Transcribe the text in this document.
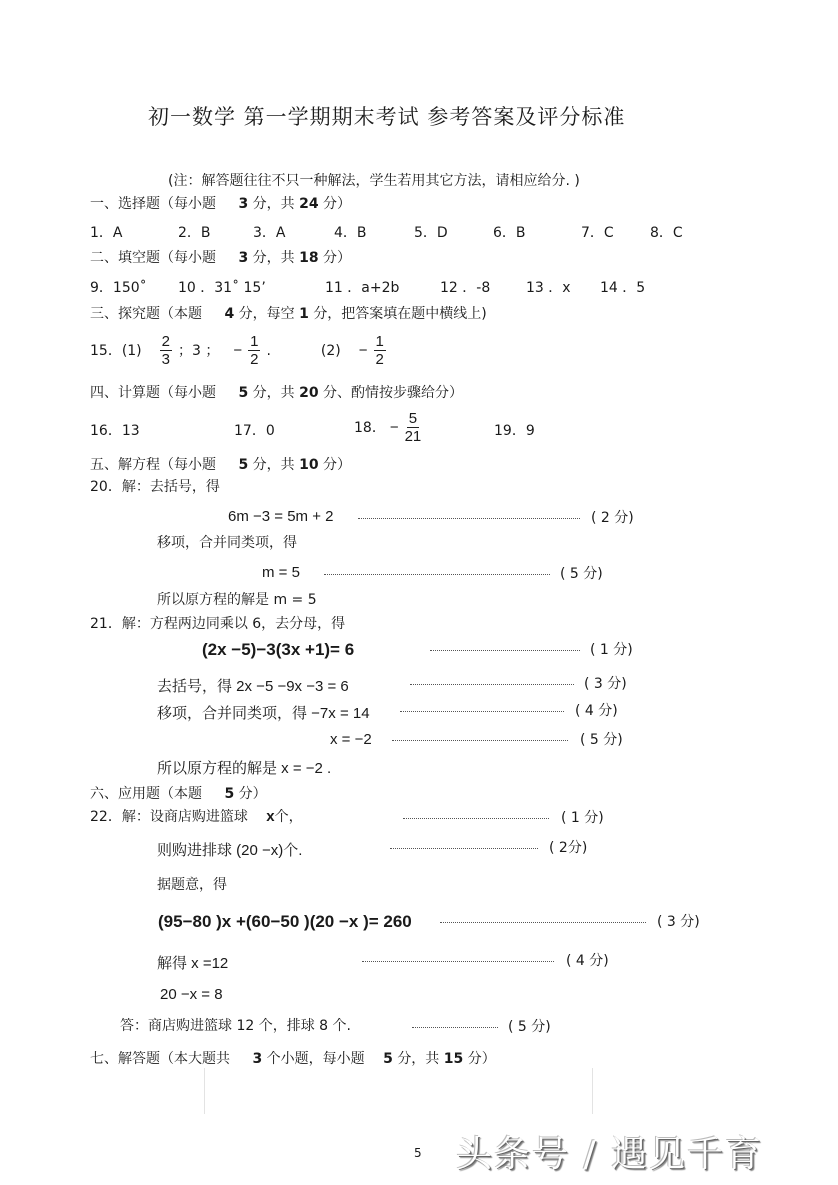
初一数学 第一学期期末考试 参考答案及评分标准
(注：解答题往往不只一种解法，学生若用其它方法，请相应给分. )
一、选择题（每小题 3 分，共 24 分）
1．A	2．B	3．A	4．B	5．D	6．B	7．C	8．C
二、填空题（每小题 3 分，共 18 分）
9．150˚ 10 ．31˚ 15’	11 ．a+2b	12 ．-8	13 ．x 14 ．5
三、探究题（本题 4 分，每空 1 分，把答案填在题中横线上)
15．$(1) \frac{2}{3}$ ；3 ； − $\frac{1}{2}$ .	$(2) - \frac{1}{2}$
四、计算题（每小题 5 分，共 20 分、酌情按步骤给分）
16．13	17．0	18． − $\frac{5}{21}$	19．9
五、解方程（每小题 5 分，共 10 分）
20．解：去括号，得
6m −3 = 5m + 2	( 2 分)
移项，合并同类项，得
m = 5	( 5 分)
所以原方程的解是 m = 5
21．解：方程两边同乘以 6，去分母，得
(2x −5)−3(3x +1)= 6	( 1 分)
去括号，得 2x −5 −9x −3 = 6	( 3 分)
移项，合并同类项，得 −7x = 14	( 4 分)
x = −2	( 5 分)
所以原方程的解是 x = −2 .
六、应用题（本题 5 分）
22．解：设商店购进篮球 x个，	( 1 分)
则购进排球 (20 −x)个.	( 2分)
据题意，得
(95−80 )x +(60−50 )(20 −x )= 260	( 3 分)
解得 x =12	( 4 分)
20 −x = 8
答：商店购进篮球 12 个，排球 8 个.	( 5 分)
七、解答题（本大题共 3 个小题，每小题 5 分，共 15 分）
5 头条号 / 遇见千育
